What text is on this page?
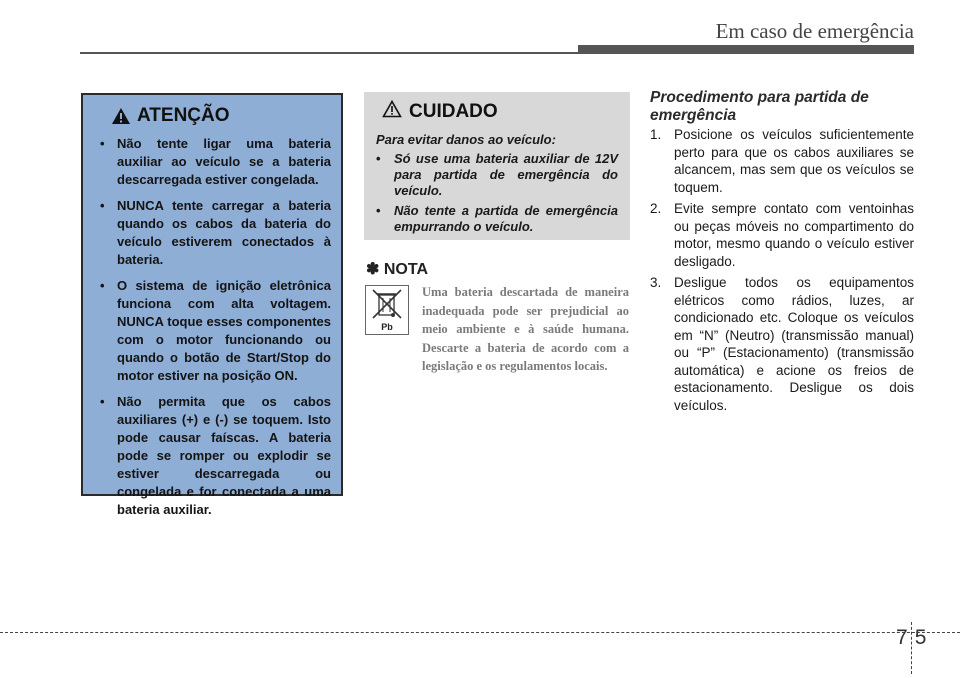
Em caso de emergência
ATENÇÃO
• Não tente ligar uma bateria auxiliar ao veículo se a bateria descarregada estiver congelada.
• NUNCA tente carregar a bateria quando os cabos da bateria do veículo estiverem conectados à bateria.
• O sistema de ignição eletrônica funciona com alta voltagem. NUNCA toque esses componentes com o motor funcionando ou quando o botão de Start/Stop do motor estiver na posição ON.
• Não permita que os cabos auxiliares (+) e (-) se toquem. Isto pode causar faíscas. A bateria pode se romper ou explodir se estiver descarregada ou congelada e for conectada a uma bateria auxiliar.
CUIDADO
Para evitar danos ao veículo:
• Só use uma bateria auxiliar de 12V para partida de emergência do veículo.
• Não tente a partida de emergência empurrando o veículo.
✽ NOTA
Pb

Uma bateria descartada de maneira inadequada pode ser prejudicial ao meio ambiente e à saúde humana. Descarte a bateria de acordo com a legislação e os regulamentos locais.

Procedimento para partida de emergência
1. Posicione os veículos suficientemente perto para que os cabos auxiliares se alcancem, mas sem que os veículos se toquem.
2. Evite sempre contato com ventoinhas ou peças móveis no compartimento do motor, mesmo quando o veículo estiver desligado.
3. Desligue todos os equipamentos elétricos como rádios, luzes, ar condicionado etc. Coloque os veículos em “N” (Neutro) (transmissão manual) ou “P” (Estacionamento) (transmissão automática) e acione os freios de estacionamento. Desligue os dois veículos.
7 5
